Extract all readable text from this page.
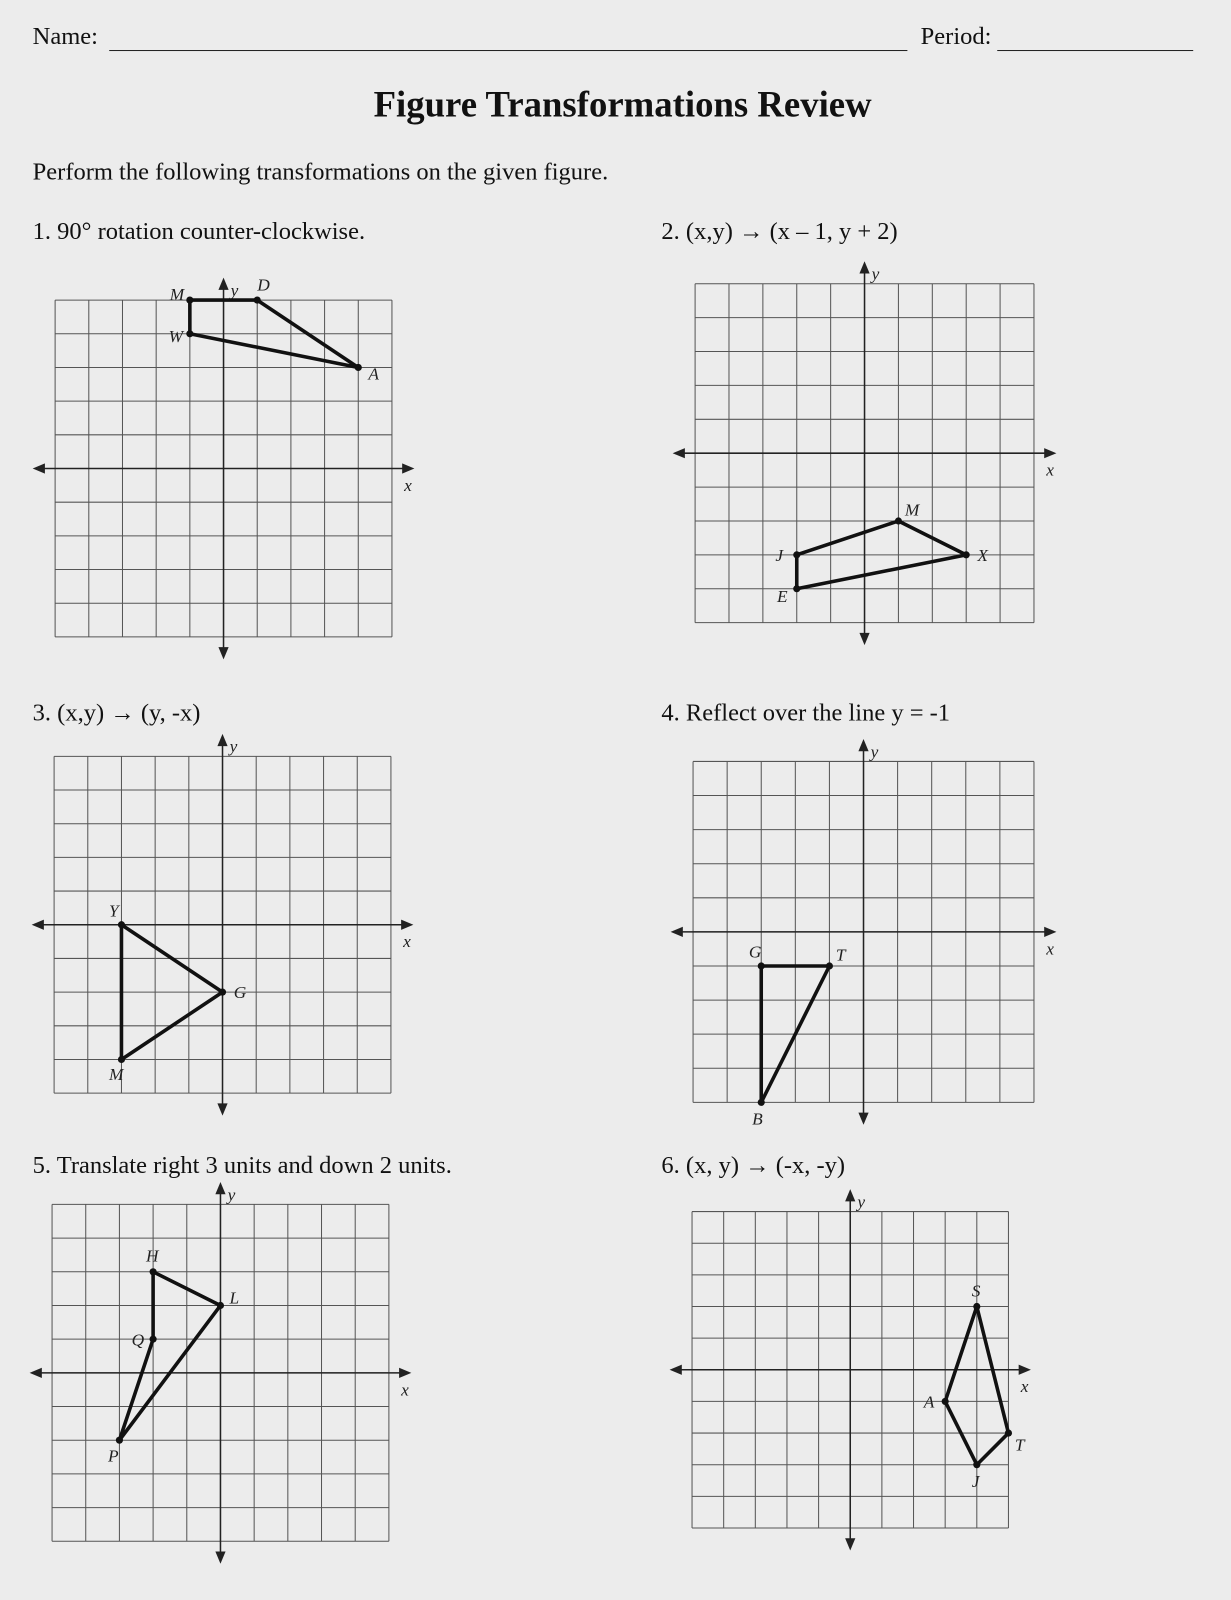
Name:	Period:
Figure Transformations Review
Perform the following transformations on the given figure.
1. 90° rotation counter-clockwise.	2. (x,y) → (x – 1, y + 2)
3. (x,y) → (y, -x)	4. Reflect over the line y = -1
5. Translate right 3 units and down 2 units.	6. (x, y) → (-x, -y)
x
y
M	D
A
W
x
y
J
M
X
E
x
y
Y
G
M
x
y
G	T
B
x
y
H
L
P
Q
x
y
S
T
J
A
